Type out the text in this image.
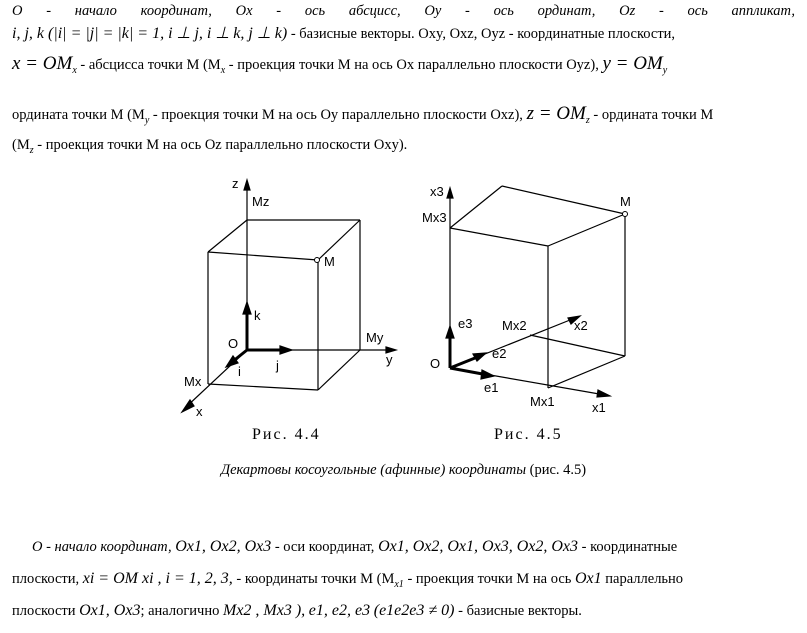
O - начало координат, Ox - ось абсцисс, Oy - ось ординат, Oz - ось аппликат,
i, j, k (|i| = |j| = |k| = 1, i ⊥ j, i ⊥ k, j ⊥ k) - базисные векторы. Oxy, Oxz, Oyz - координатные плоскости,
$x = OM_x$ - абсцисса точки M ($M_x$ - проекция точки M на ось Ox параллельно плоскости Oyz), $y = OM_y$
ордината точки M ($M_y$ - проекция точки M на ось Oy параллельно плоскости Oxz), $z = OM_z$ - ордината точки M
($M_z$ - проекция точки M на ось Oz параллельно плоскости Oxy).
z
Mz
M
k
O	My
y
i	j
Mx
x
Рис. 4.4
x3
Mx3
M
e3 Mx2	x2
e2
O
e1
Mx1	x1
Рис. 4.5
Декартовы косоугольные (афинные) координаты (рис. 4.5)
O - начало координат, Ox1, Ox2, Ox3 - оси координат, Ox1, Ox2, Ox1, Ox3, Ox2, Ox3 - координатные
плоскости, xi = OM xi , i = 1, 2, 3, - координаты точки M ($M_{x1}$ - проекция точки M на ось Ox1 параллельно
плоскости Ox1, Ox3; аналогично Mx2 , Mx3 ), e1, e2, e3 (e1e2e3 ≠ 0) - базисные векторы.
